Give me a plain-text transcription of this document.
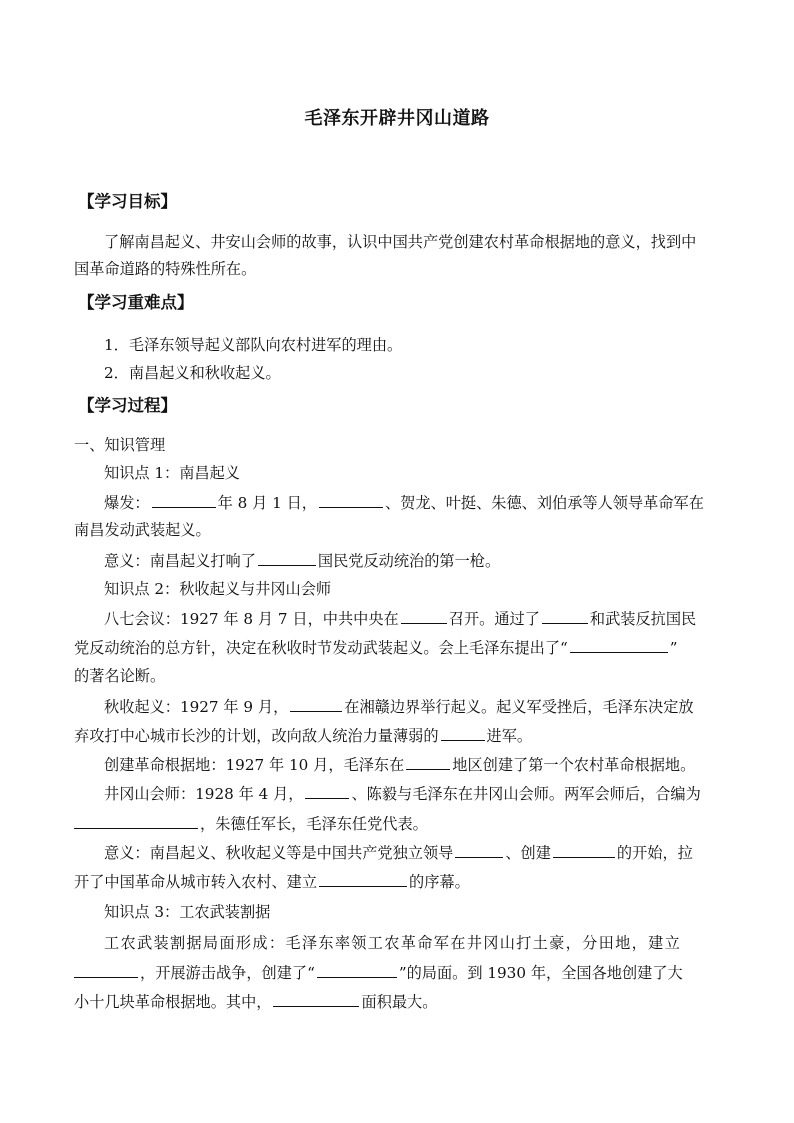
毛泽东开辟井冈山道路
【学习目标】
了解南昌起义、井安山会师的故事，认识中国共产党创建农村革命根据地的意义，找到中
国革命道路的特殊性所在。
【学习重难点】
1．毛泽东领导起义部队向农村进军的理由。
2．南昌起义和秋收起义。
【学习过程】
一、知识管理
知识点 1：南昌起义
爆发：	年 8 月 1 日，	、贺龙、叶挺、朱德、刘伯承等人领导革命军在
南昌发动武装起义。
意义：南昌起义打响了	国民党反动统治的第一枪。
知识点 2：秋收起义与井冈山会师
八七会议：1927 年 8 月 7 日，中共中央在	召开。通过了	和武装反抗国民
党反动统治的总方针，决定在秋收时节发动武装起义。会上毛泽东提出了“	”
的著名论断。
秋收起义：1927 年 9 月，	在湘赣边界举行起义。起义军受挫后，毛泽东决定放
弃攻打中心城市长沙的计划，改向敌人统治力量薄弱的	进军。
创建革命根据地：1927 年 10 月，毛泽东在	地区创建了第一个农村革命根据地。
井冈山会师：1928 年 4 月，	、陈毅与毛泽东在井冈山会师。两军会师后，合编为
，朱德任军长，毛泽东任党代表。
意义：南昌起义、秋收起义等是中国共产党独立领导	、创建	的开始，拉
开了中国革命从城市转入农村、建立	的序幕。
知识点 3：工农武装割据
工农武装割据局面形成：毛泽东率领工农革命军在井冈山打土豪，分田地，建立
，开展游击战争，创建了“	”的局面。到 1930 年，全国各地创建了大
小十几块革命根据地。其中，	面积最大。
